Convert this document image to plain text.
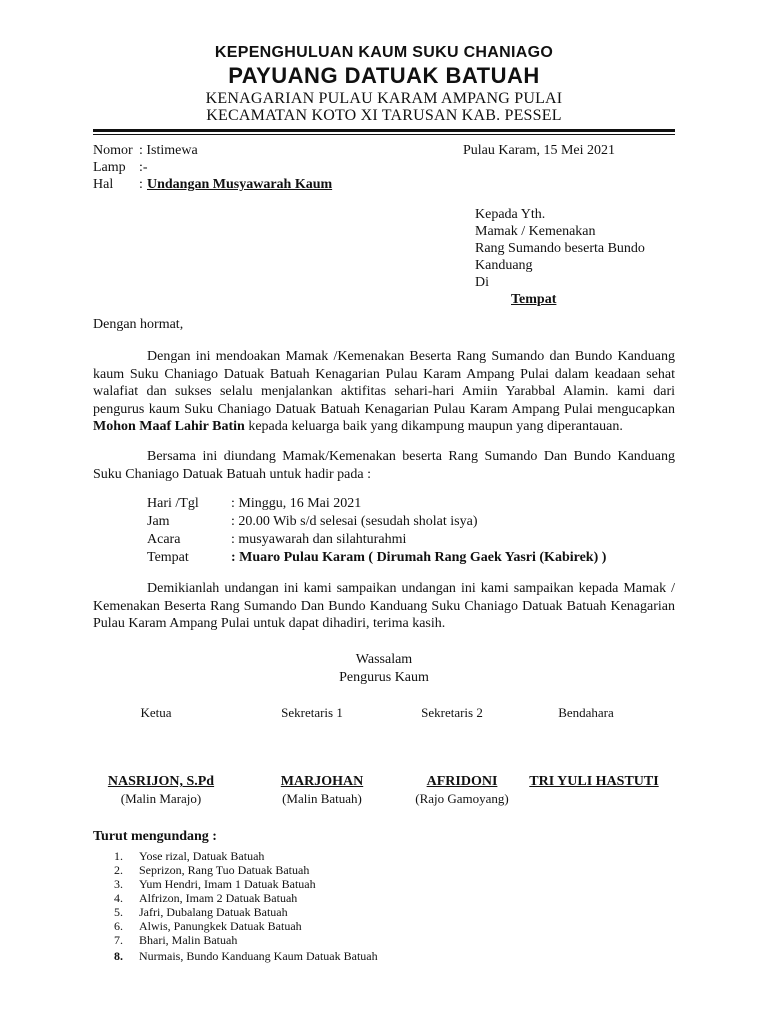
KEPENGHULUAN KAUM SUKU CHANIAGO
PAYUANG DATUAK BATUAH
KENAGARIAN PULAU KARAM AMPANG PULAI
KECAMATAN KOTO XI TARUSAN KAB. PESSEL
Nomor : Istimewa
Lamp :-
Hal : Undangan Musyawarah Kaum
Pulau Karam, 15 Mei 2021
Kepada Yth.
Mamak / Kemenakan
Rang Sumando beserta Bundo
Kanduang
Di
Tempat
Dengan hormat,
Dengan ini mendoakan Mamak /Kemenakan Beserta Rang Sumando dan Bundo Kanduang kaum Suku Chaniago Datuak Batuah Kenagarian Pulau Karam Ampang Pulai dalam keadaan sehat walafiat dan sukses selalu menjalankan aktifitas sehari-hari Amiin Yarabbal Alamin. kami dari pengurus kaum Suku Chaniago Datuak Batuah Kenagarian Pulau Karam Ampang Pulai mengucapkan Mohon Maaf Lahir Batin kepada keluarga baik yang dikampung maupun yang diperantauan.
Bersama ini diundang Mamak/Kemenakan beserta Rang Sumando Dan Bundo Kanduang Suku Chaniago Datuak Batuah untuk hadir pada :
Hari /Tgl : Minggu, 16 Mai 2021
Jam	: 20.00 Wib s/d selesai (sesudah sholat isya)
Acara	: musyawarah dan silahturahmi
Tempat	: Muaro Pulau Karam ( Dirumah Rang Gaek Yasri (Kabirek) )
Demikianlah undangan ini kami sampaikan undangan ini kami sampaikan kepada Mamak / Kemenakan Beserta Rang Sumando Dan Bundo Kanduang Suku Chaniago Datuak Batuah Kenagarian Pulau Karam Ampang Pulai untuk dapat dihadiri, terima kasih.
Wassalam
Pengurus Kaum
Ketua	Sekretaris 1	Sekretaris 2	Bendahara
NASRIJON, S.Pd	MARJOHAN	AFRIDONI	TRI YULI HASTUTI
(Malin Marajo)	(Malin Batuah)	(Rajo Gamoyang)
Turut mengundang :
1. Yose rizal, Datuak Batuah
2. Seprizon, Rang Tuo Datuak Batuah
3. Yum Hendri, Imam 1 Datuak Batuah
4. Alfrizon, Imam 2 Datuak Batuah
5. Jafri, Dubalang Datuak Batuah
6. Alwis, Panungkek Datuak Batuah
7. Bhari, Malin Batuah
8. Nurmais, Bundo Kanduang Kaum Datuak Batuah
